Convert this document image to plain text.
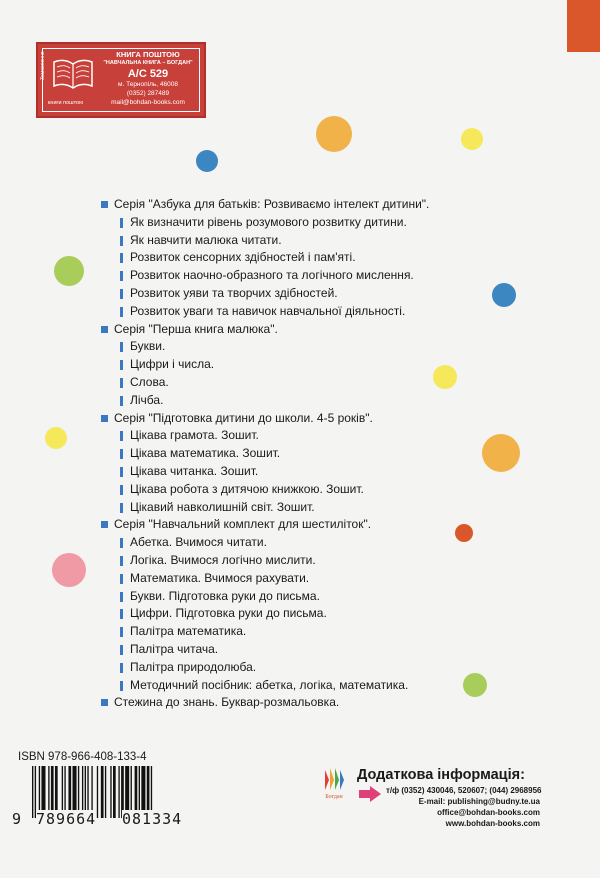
Замовлення
книги поштою
КНИГА ПОШТОЮ
"НАВЧАЛЬНА КНИГА – БОГДАН"
А/С 529
м. Тернопіль, 46008
(0352) 287489
mail@bohdan-books.com
Серія "Азбука для батьків: Розвиваємо інтелект дитини".
Як визначити рівень розумового розвитку дитини.
Як навчити малюка читати.
Розвиток сенсорних здібностей і пам'яті.
Розвиток наочно-образного та логічного мислення.
Розвиток уяви та творчих здібностей.
Розвиток уваги та навичок навчальної діяльності.
Серія "Перша книга малюка".
Букви.
Цифри і числа.
Слова.
Лічба.
Серія "Підготовка дитини до школи. 4-5 років".
Цікава грамота. Зошит.
Цікава математика. Зошит.
Цікава читанка. Зошит.
Цікава робота з дитячою книжкою. Зошит.
Цікавий навколишній світ. Зошит.
Серія "Навчальний комплект для шестиліток".
Абетка. Вчимося читати.
Логіка. Вчимося логічно мислити.
Математика. Вчимося рахувати.
Букви. Підготовка руки до письма.
Цифри. Підготовка руки до письма.
Палітра математика.
Палітра читача.
Палітра природолюба.
Методичний посібник: абетка, логіка, математика.
Стежина до знань. Буквар-розмальовка.
ISBN 978-966-408-133-4
9 789664 081334
Богдан
Додаткова інформація:
т/ф (0352) 430046, 520607; (044) 2968956
E-mail: publishing@budny.te.ua
office@bohdan-books.com
www.bohdan-books.com
